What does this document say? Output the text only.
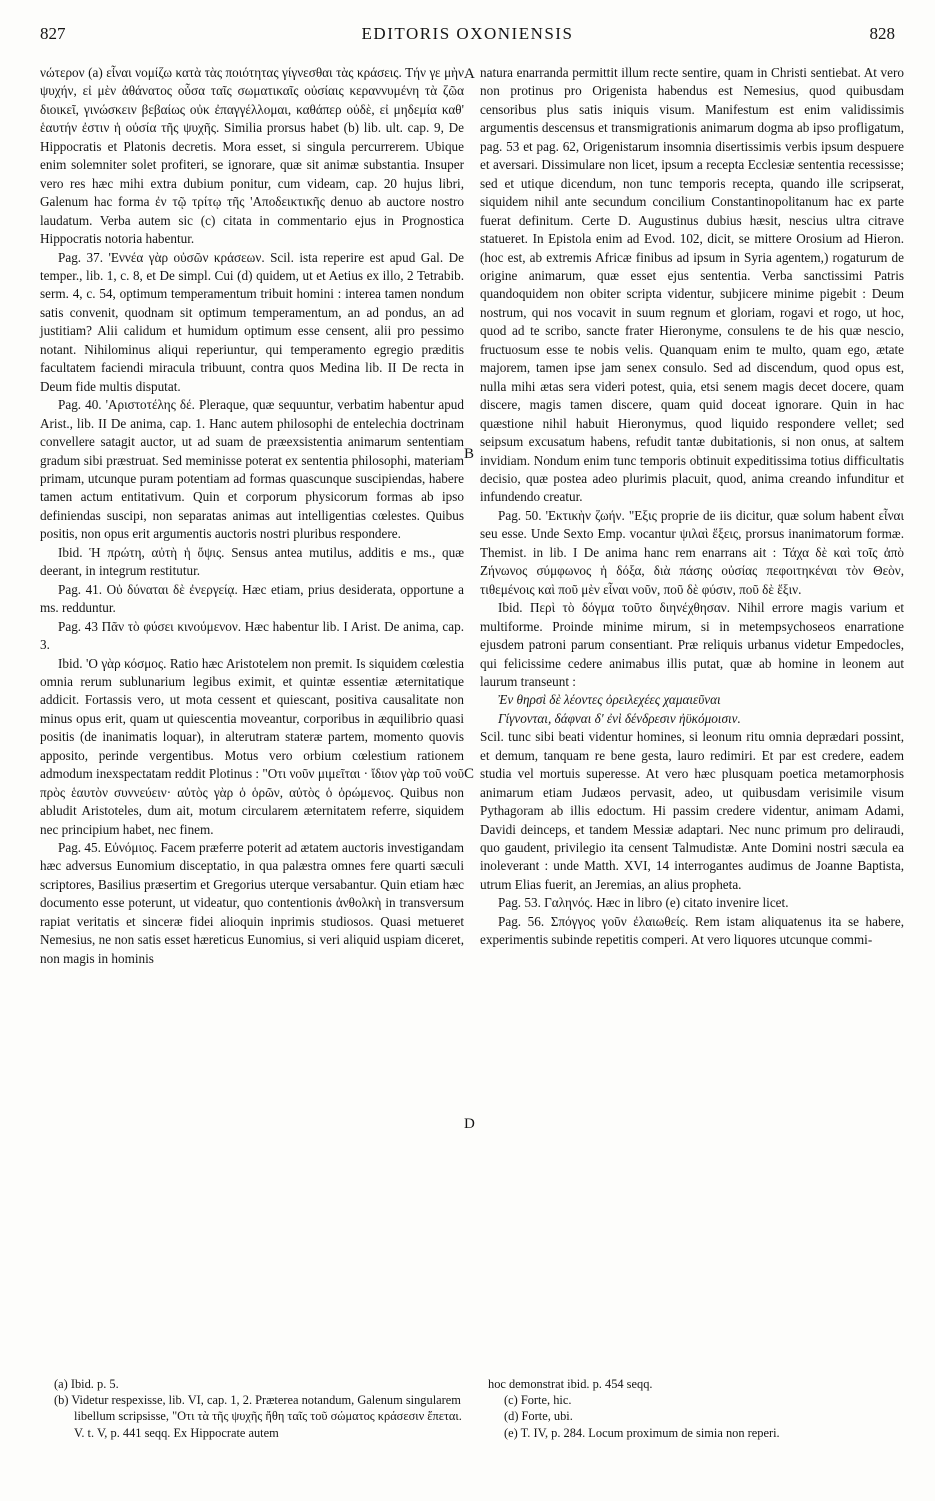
827	EDITORIS OXONIENSIS	828

νώτερον (a) εἶναι νομίζω κατὰ τὰς ποιότητας γίγνεσθαι τὰς κράσεις. Τήν γε μὴν ψυχήν, εἰ μὲν ἀθάνατος οὖσα ταῖς σωματικαῖς οὐσίαις κεραννυμένη τὰ ζῶα διοικεῖ, γινώσκειν βεβαίως οὐκ ἐπαγγέλλομαι, καθάπερ οὐδὲ, εἰ μηδεμία καθ' ἑαυτήν ἐστιν ἡ οὐσία τῆς ψυχῆς. Similia prorsus habet (b) lib. ult. cap. 9, De Hippocratis et Platonis decretis. Mora esset, si singula percurrerem. Ubique enim solemniter solet profiteri, se ignorare, quæ sit animæ substantia. Insuper vero res hæc mihi extra dubium ponitur, cum videam, cap. 20 hujus libri, Galenum hac forma ἐν τῷ τρίτῳ τῆς 'Αποδεικτικῆς denuo ab auctore nostro laudatum. Verba autem sic (c) citata in commentario ejus in Prognostica Hippocratis notoria habentur.

Pag. 37. 'Εννέα γὰρ οὐσῶν κράσεων. Scil. ista reperire est apud Gal. De temper., lib. 1, c. 8, et De simpl. Cui (d) quidem, ut et Aetius ex illo, 2 Tetrabib. serm. 4, c. 54, optimum temperamentum tribuit homini : interea tamen nondum satis convenit, quodnam sit optimum temperamentum, an ad pondus, an ad justitiam? Alii calidum et humidum optimum esse censent, alii pro pessimo notant. Nihilominus aliqui reperiuntur, qui temperamento egregio præditis facultatem faciendi miracula tribuunt, contra quos Medina lib. II De recta in Deum fide multis disputat.

Pag. 40. 'Αριστοτέλης δέ. Pleraque, quæ sequuntur, verbatim habentur apud Arist., lib. II De anima, cap. 1. Hanc autem philosophi de entelechia doctrinam convellere satagit auctor, ut ad suam de præexsistentia animarum sententiam gradum sibi præstruat. Sed meminisse poterat ex sententia philosophi, materiam primam, utcunque puram potentiam ad formas quascunque suscipiendas, habere tamen actum entitativum. Quin et corporum physicorum formas ab ipso definiendas suscipi, non separatas animas aut intelligentias cœlestes. Quibus positis, non opus erit argumentis auctoris nostri pluribus respondere.

Ibid. Ἡ πρώτη, αὐτὴ ἡ ὄψις. Sensus antea mutilus, additis e ms., quæ deerant, in integrum restitutur.

Pag. 41. Οὐ δύναται δὲ ἐνεργείᾳ. Hæc etiam, prius desiderata, opportune a ms. redduntur.

Pag. 43 Πᾶν τὸ φύσει κινούμενον. Hæc habentur lib. I Arist. De anima, cap. 3.

Ibid. 'Ο γὰρ κόσμος. Ratio hæc Aristotelem non premit. Is siquidem cœlestia omnia rerum sublunarium legibus eximit, et quintæ essentiæ æternitatique addicit. Fortassis vero, ut mota cessent et quiescant, positiva causalitate non minus opus erit, quam ut quiescentia moveantur, corporibus in æquilibrio quasi positis (de inanimatis loquar), in alterutram stateræ partem, momento quovis apposito, perinde vergentibus. Motus vero orbium cœlestium rationem admodum inexspectatam reddit Plotinus : "Οτι νοῦν μιμεῖται · ἴδιον γὰρ τοῦ νοῦ πρὸς ἑαυτὸν συννεύειν· αὐτὸς γὰρ ὁ ὁρῶν, αὐτὸς ὁ ὁρώμενος. Quibus non abludit Aristoteles, dum ait, motum circularem æternitatem referre, siquidem nec principium habet, nec finem.

Pag. 45. Εὐνόμιος. Facem præferre poterit ad ætatem auctoris investigandam hæc adversus Eunomium disceptatio, in qua palæstra omnes fere quarti sæculi scriptores, Basilius præsertim et Gregorius uterque versabantur. Quin etiam hæc documento esse poterunt, ut videatur, quo contentionis ἀνθολκὴ in transversum rapiat veritatis et sinceræ fidei alioquin inprimis studiosos. Quasi metueret Nemesius, ne non satis esset hæreticus Eunomius, si veri aliquid uspiam diceret, non magis in hominis

natura enarranda permittit illum recte sentire, quam in Christi sentiebat. At vero non protinus pro Origenista habendus est Nemesius, quod quibusdam censoribus plus satis iniquis visum. Manifestum est enim validissimis argumentis descensus et transmigrationis animarum dogma ab ipso profligatum, pag. 53 et pag. 62, Origenistarum insomnia disertissimis verbis ipsum despuere et aversari. Dissimulare non licet, ipsum a recepta Ecclesiæ sententia recessisse; sed et utique dicendum, non tunc temporis recepta, quando ille scripserat, siquidem nihil ante secundum concilium Constantinopolitanum hac ex parte fuerat definitum. Certe D. Augustinus dubius hæsit, nescius ultra citrave statueret. In Epistola enim ad Evod. 102, dicit, se mittere Orosium ad Hieron. (hoc est, ab extremis Africæ finibus ad ipsum in Syria agentem,) rogaturum de origine animarum, quæ esset ejus sententia. Verba sanctissimi Patris quandoquidem non obiter scripta videntur, subjicere minime pigebit : Deum nostrum, qui nos vocavit in suum regnum et gloriam, rogavi et rogo, ut hoc, quod ad te scribo, sancte frater Hieronyme, consulens te de his quæ nescio, fructuosum esse te nobis velis. Quanquam enim te multo, quam ego, ætate majorem, tamen ipse jam senex consulo. Sed ad discendum, quod opus est, nulla mihi ætas sera videri potest, quia, etsi senem magis decet docere, quam discere, magis tamen discere, quam quid doceat ignorare. Quin in hac quæstione nihil habuit Hieronymus, quod liquido respondere vellet; sed seipsum excusatum habens, refudit tantæ dubitationis, si non onus, at saltem invidiam. Nondum enim tunc temporis obtinuit expeditissima totius difficultatis decisio, quæ postea adeo plurimis placuit, quod, anima creando infunditur et infundendo creatur.

Pag. 50. 'Εκτικὴν ζωήν. "Εξις proprie de iis dicitur, quæ solum habent εἶναι seu esse. Unde Sexto Emp. vocantur ψιλαὶ ἕξεις, prorsus inanimatorum formæ. Themist. in lib. I De anima hanc rem enarrans ait : Τάχα δὲ καὶ τοῖς ἀπὸ Ζήνωνος σύμφωνος ἡ δόξα, διὰ πάσης οὐσίας πεφοιτηκέναι τὸν Θεὸν, τιθεμένοις καὶ ποῦ μὲν εἶναι νοῦν, ποῦ δὲ φύσιν, ποῦ δὲ ἕξιν.

Ibid. Περὶ τὸ δόγμα τοῦτο διηνέχθησαν. Nihil errore magis varium et multiforme. Proinde minime mirum, si in metempsychoseos enarratione ejusdem patroni parum consentiant. Præ reliquis urbanus videtur Empedocles, qui felicissime cedere animabus illis putat, quæ ab homine in leonem aut laurum transeunt :

Ἐν θηρσὶ δὲ λέοντες ὀρειλεχέες χαμαιεῦναι

Γίγνονται, δάφναι δ' ἐνὶ δένδρεσιν ἠϋκόμοισιν.

Scil. tunc sibi beati videntur homines, si leonum ritu omnia deprædari possint, et demum, tanquam re bene gesta, lauro redimiri. Et par est credere, eadem studia vel mortuis superesse. At vero hæc plusquam poetica metamorphosis animarum etiam Judæos pervasit, adeo, ut quibusdam verisimile visum Pythagoram ab illis edoctum. Hi passim credere videntur, animam Adami, Davidi deinceps, et tandem Messiæ adaptari. Nec nunc primum pro deliraudi, quo gaudent, privilegio ita censent Talmudistæ. Ante Domini nostri sæcula ea inoleverant : unde Matth. XVI, 14 interrogantes audimus de Joanne Baptista, utrum Elias fuerit, an Jeremias, an alius propheta.

Pag. 53. Γαληνός. Hæc in libro (e) citato invenire licet.

Pag. 56. Σπόγγος γοῦν ἐλαιωθείς. Rem istam aliquatenus ita se habere, experimentis subinde repetitis comperi. At vero liquores utcunque commi-

A
B
C
D

(a) Ibid. p. 5.

(b) Videtur respexisse, lib. VI, cap. 1, 2. Præterea notandum, Galenum singularem libellum scripsisse, "Οτι τὰ τῆς ψυχῆς ἤθη ταῖς τοῦ σώματος κράσεσιν ἕπεται. V. t. V, p. 441 seqq. Ex Hippocrate autem

hoc demonstrat ibid. p. 454 seqq.

(c) Forte, hic.

(d) Forte, ubi.

(e) T. IV, p. 284. Locum proximum de simia non reperi.
